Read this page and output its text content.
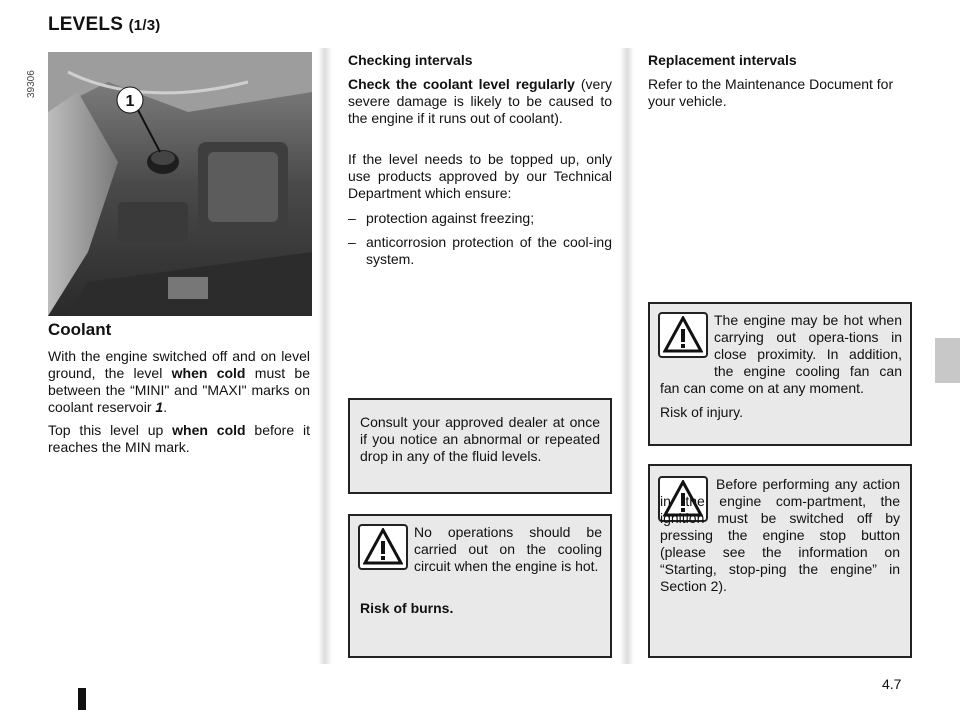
LEVELS (1/3)
39306
1
Coolant
With the engine switched off and on level ground, the level when cold must be between the “MINI" and "MAXI" marks on coolant reservoir 1.
Top this level up when cold before it reaches the MIN mark.
Checking intervals
Check the coolant level regularly (very severe damage is likely to be caused to the engine if it runs out of coolant).
If the level needs to be topped up, only use products approved by our Technical Department which ensure:
– protection against freezing;
– anticorrosion protection of the cool-ing system.
Consult your approved dealer at once if you notice an abnormal or repeated drop in any of the fluid levels.
No operations should be carried out on the cooling circuit when the engine is hot.
Risk of burns.
Replacement intervals
Refer to the Maintenance Document for your vehicle.
The engine may be hot when carrying out opera-tions in close proximity. In addition, the engine cooling fan can
fan can come on at any moment.
Risk of injury.
Before performing any action in the engine com-partment, the ignition must be switched off by pressing the engine stop button (please see the information on “Starting, stop-ping the engine” in Section 2).
4.7
